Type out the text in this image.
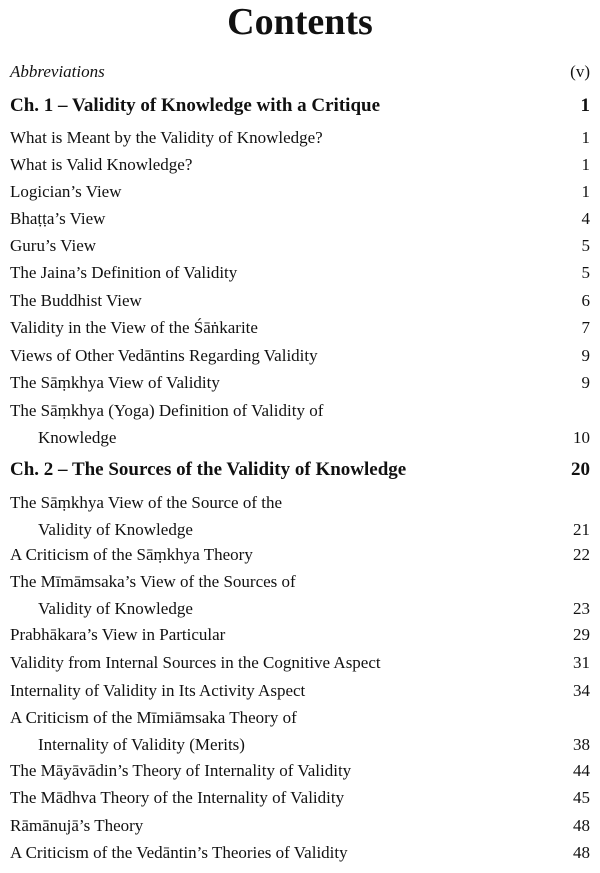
Contents
Abbreviations	(v)
Ch. 1 – Validity of Knowledge with a Critique	1
What is Meant by the Validity of Knowledge?	1
What is Valid Knowledge?	1
Logician’s View	1
Bhaṭṭa’s View	4
Guru’s View	5
The Jaina’s Definition of Validity	5
The Buddhist View	6
Validity in the View of the Śāṅkarite	7
Views of Other Vedāntins Regarding Validity	9
The Sāṃkhya View of Validity	9
The Sāṃkhya (Yoga) Definition of Validity of
Knowledge	10
Ch. 2 – The Sources of the Validity of Knowledge	20
The Sāṃkhya View of the Source of the
Validity of Knowledge	21
A Criticism of the Sāṃkhya Theory	22
The Mīmāmsaka’s View of the Sources of
Validity of Knowledge	23
Prabhākara’s View in Particular	29
Validity from Internal Sources in the Cognitive Aspect	31
Internality of Validity in Its Activity Aspect	34
A Criticism of the Mīmiāmsaka Theory of
Internality of Validity (Merits)	38
The Māyāvādin’s Theory of Internality of Validity	44
The Mādhva Theory of the Internality of Validity	45
Rāmānujā’s Theory	48
A Criticism of the Vedāntin’s Theories of Validity	48
